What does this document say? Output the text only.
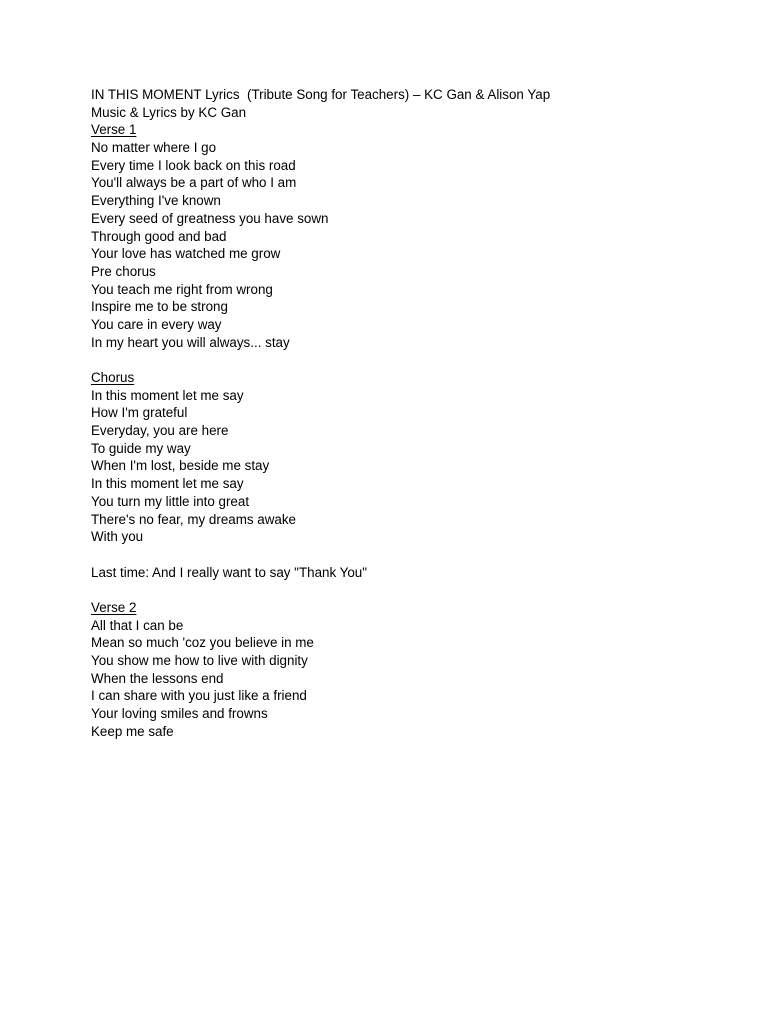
IN THIS MOMENT Lyrics  (Tribute Song for Teachers) – KC Gan & Alison Yap

Music & Lyrics by KC Gan

Verse 1

No matter where I go

Every time I look back on this road

You'll always be a part of who I am

Everything I've known

Every seed of greatness you have sown

Through good and bad

Your love has watched me grow

Pre chorus

You teach me right from wrong

Inspire me to be strong

You care in every way

In my heart you will always... stay

Chorus

In this moment let me say

How I'm grateful

Everyday, you are here

To guide my way

When I'm lost, beside me stay

In this moment let me say

You turn my little into great

There's no fear, my dreams awake

With you

Last time: And I really want to say "Thank You"

Verse 2

All that I can be

Mean so much 'coz you believe in me

You show me how to live with dignity

When the lessons end

I can share with you just like a friend

Your loving smiles and frowns

Keep me safe
